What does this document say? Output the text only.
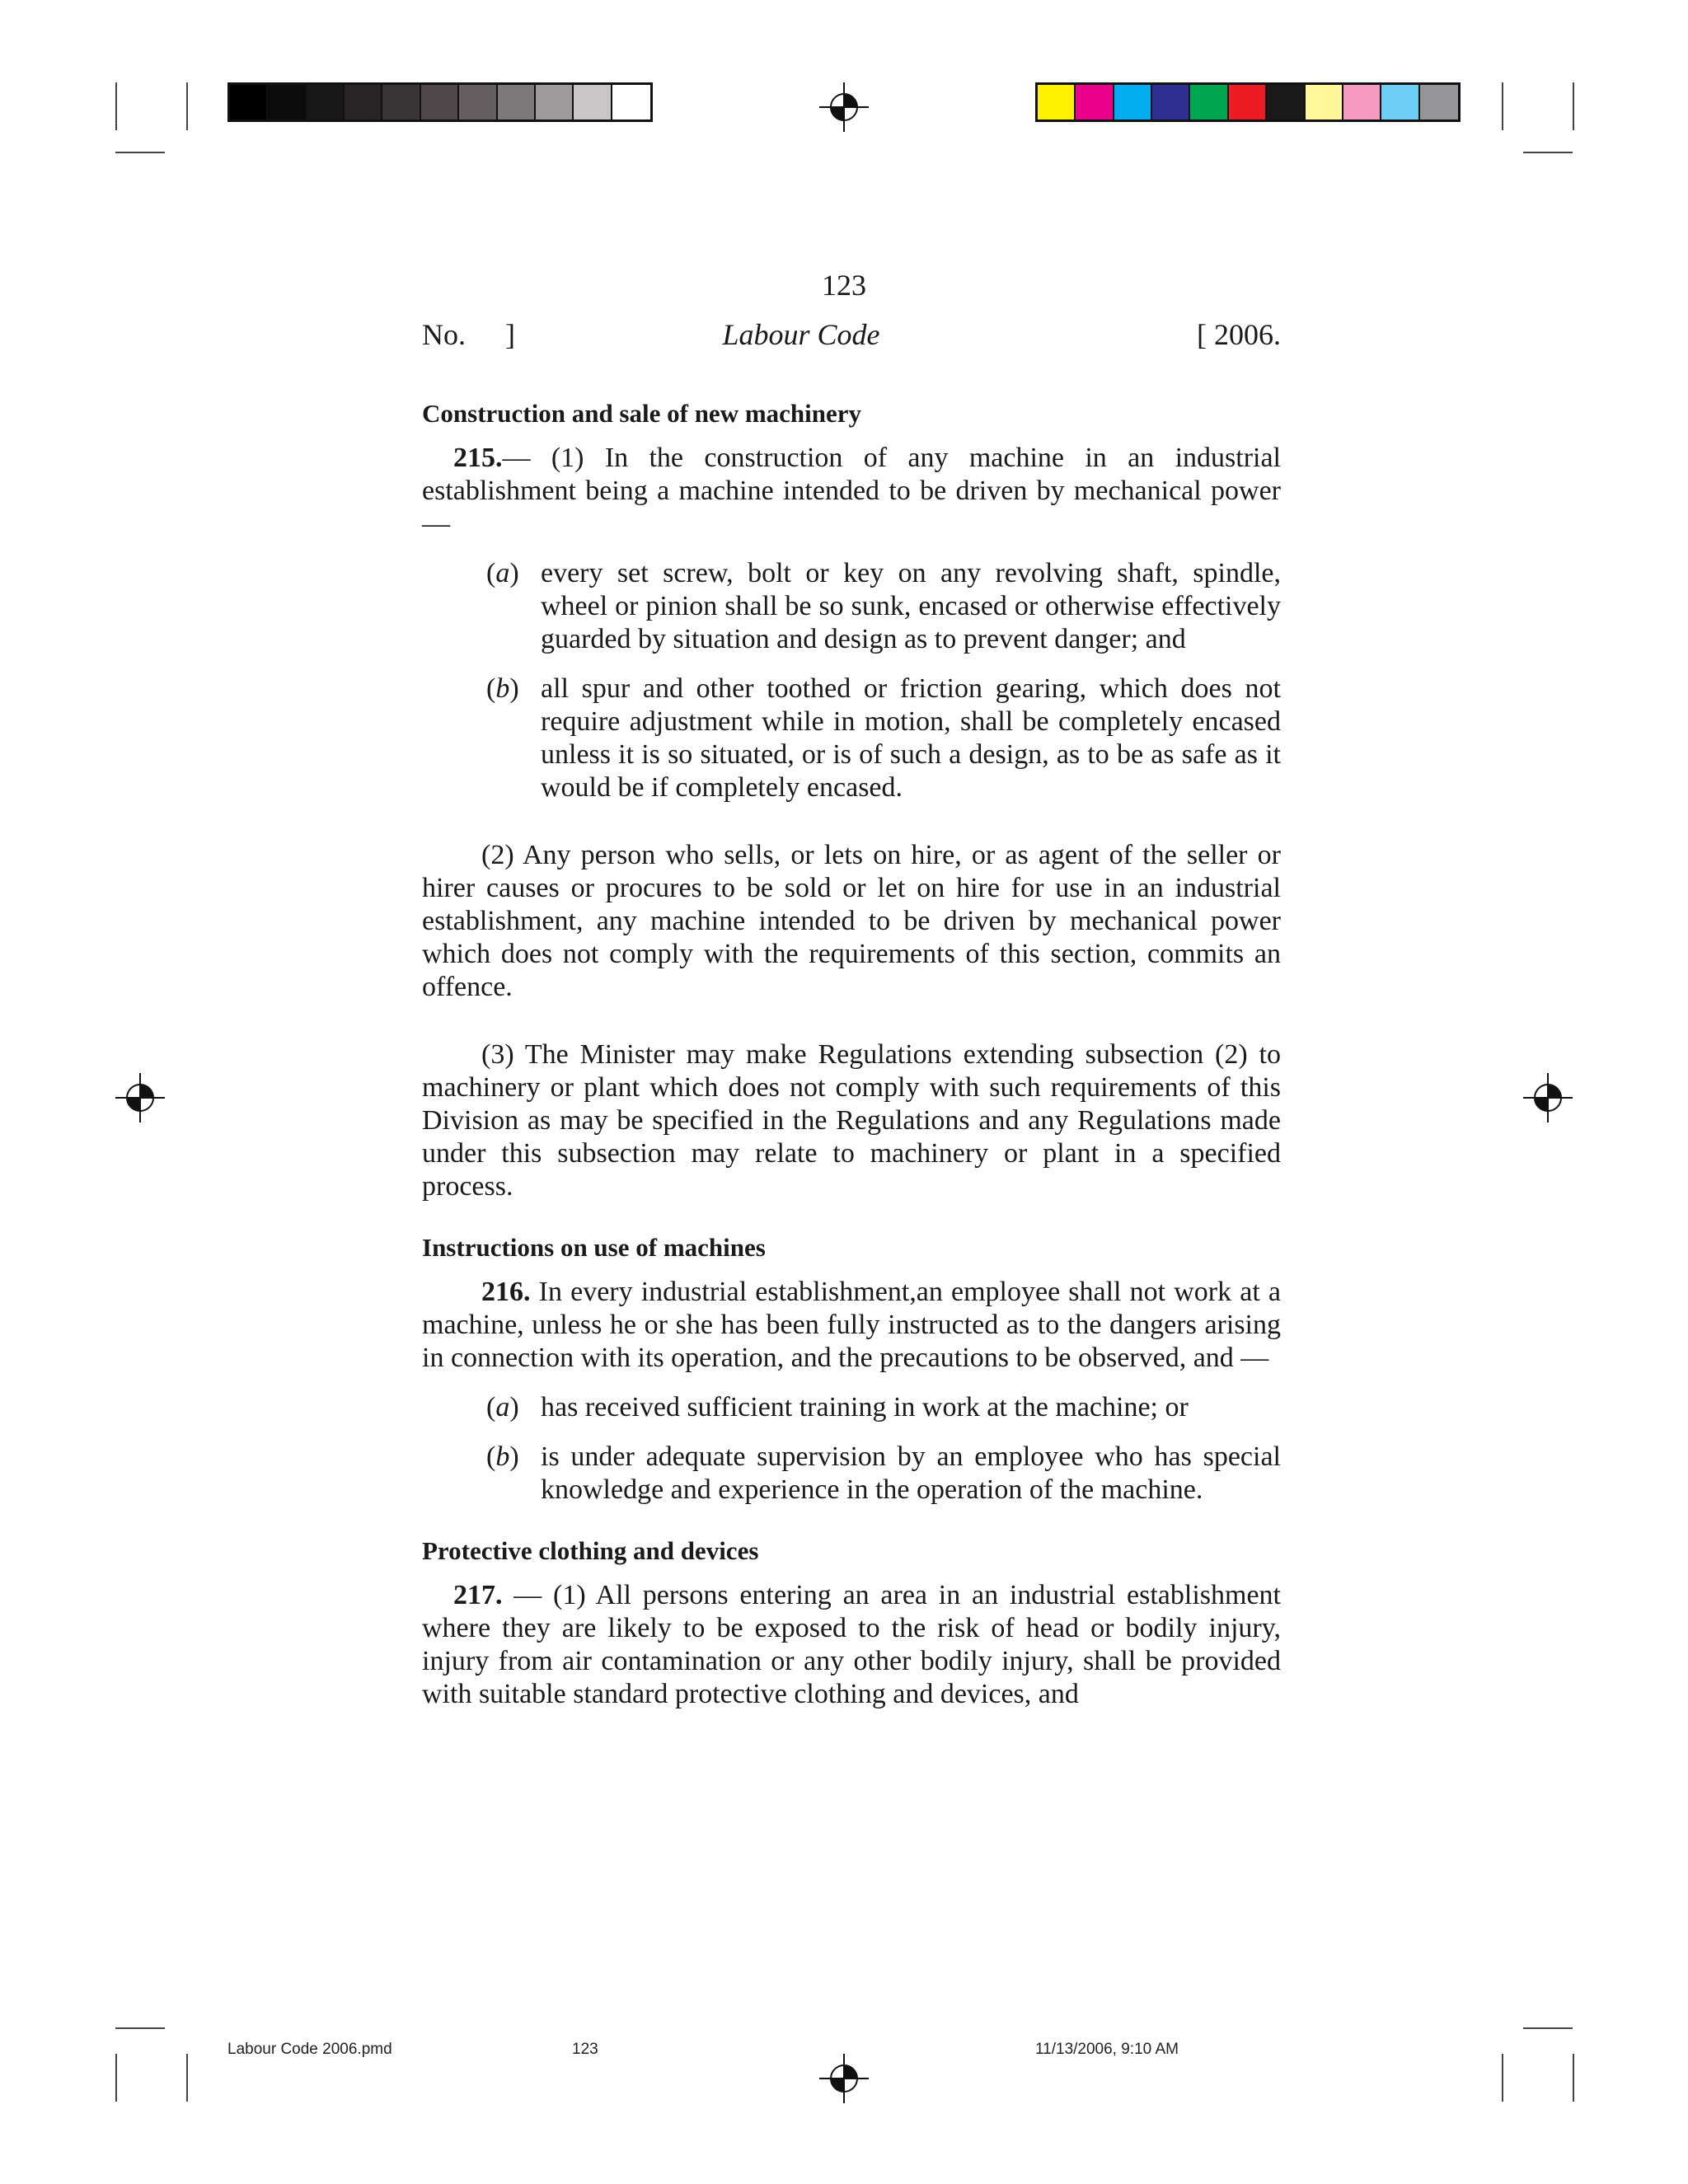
123
No. ]	Labour Code	[ 2006.
Construction and sale of new machinery

215.— (1) In the construction of any machine in an industrial establishment being a machine intended to be driven by mechanical power —

(a) every set screw, bolt or key on any revolving shaft, spindle, wheel or pinion shall be so sunk, encased or otherwise effectively guarded by situation and design as to prevent danger; and
(b) all spur and other toothed or friction gearing, which does not require adjustment while in motion, shall be completely encased unless it is so situated, or is of such a design, as to be as safe as it would be if completely encased.

(2) Any person who sells, or lets on hire, or as agent of the seller or hirer causes or procures to be sold or let on hire for use in an industrial establishment, any machine intended to be driven by mechanical power which does not comply with the requirements of this section, commits an offence.

(3) The Minister may make Regulations extending subsection (2) to machinery or plant which does not comply with such requirements of this Division as may be specified in the Regulations and any Regulations made under this subsection may relate to machinery or plant in a specified process.

Instructions on use of machines

216. In every industrial establishment,an employee shall not work at a machine, unless he or she has been fully instructed as to the dangers arising in connection with its operation, and the precautions to be observed, and —

(a) has received sufficient training in work at the machine; or
(b) is under adequate supervision by an employee who has special knowledge and experience in the operation of the machine.
Protective clothing and devices

217. — (1) All persons entering an area in an industrial establishment where they are likely to be exposed to the risk of head or bodily injury, injury from air contamination or any other bodily injury, shall be provided with suitable standard protective clothing and devices, and

Labour Code 2006.pmd	123	11/13/2006, 9:10 AM
